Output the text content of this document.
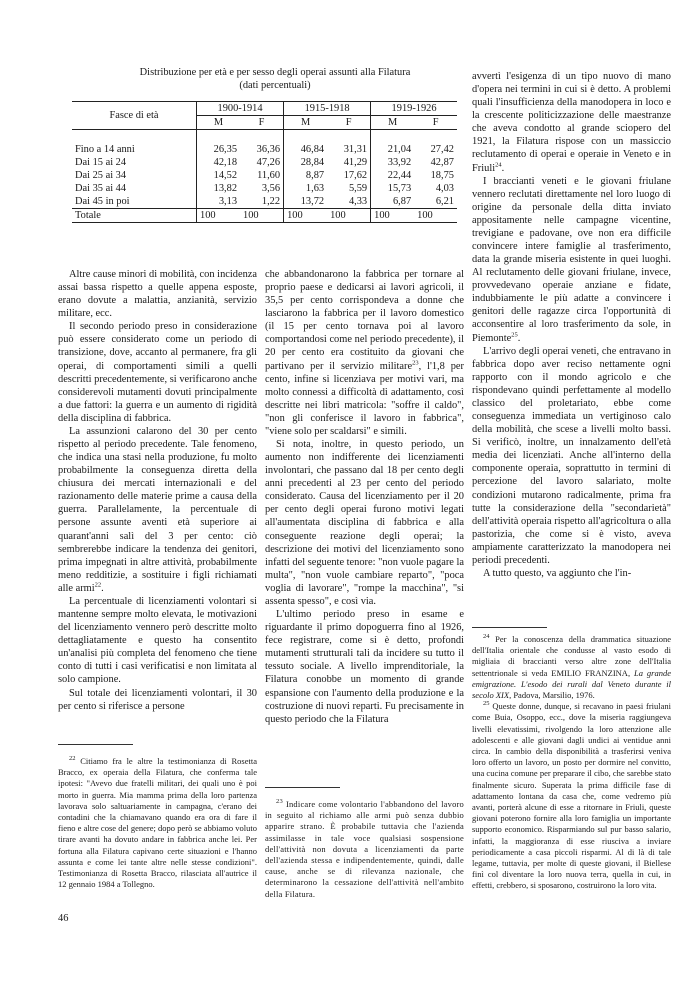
Distribuzione per età e per sesso degli operai assunti alla Filatura
(dati percentuali)
Fasce di età	1900-1914		1915-1918		1919-1926	
	M	F	M	F	M	F

Fino a 14 anni	26,35	36,36	46,84	31,31	21,04	27,42
Dai 15 ai 24	42,18	47,26	28,84	41,29	33,92	42,87
Dai 25 ai 34	14,52	11,60	8,87	17,62	22,44	18,75
Dai 35 ai 44	13,82	3,56	1,63	5,59	15,73	4,03
Dai 45 in poi	3,13	1,22	13,72	4,33	6,87	6,21
Totale	100	100	100	100	100	100

Altre cause minori di mobilità, con incidenza assai bassa rispetto a quelle appena esposte, erano dovute a malattia, anzianità, servizio militare, ecc.

Il secondo periodo preso in considerazione può essere considerato come un periodo di transizione, dove, accanto al permanere, fra gli operai, di comportamenti simili a quelli descritti precedentemente, si verificarono anche considerevoli mutamenti dovuti principalmente a due fattori: la guerra e un aumento di rigidità della disciplina di fabbrica.

La assunzioni calarono del 30 per cento rispetto al periodo precedente. Tale fenomeno, che indica una stasi nella produzione, fu molto probabilmente la conseguenza diretta della chiusura dei mercati internazionali e del razionamento delle materie prime a causa della guerra. Parallelamente, la percentuale di persone assunte aventi età superiore ai quarant'anni salì del 3 per cento: ciò sembrerebbe indicare la tendenza dei genitori, prima impegnati in altre attività, probabilmente meno redditizie, a sostituire i figli richiamati alle armi$^{22}$.

La percentuale di licenziamenti volontari si mantenne sempre molto elevata, le motivazioni del licenziamento vennero però descritte molto dettagliatamente e questo ha consentito un'analisi più completa del fenomeno che tiene conto di tutti i casi verificatisi e non limitata al solo campione.

Sul totale dei licenziamenti volontari, il 30 per cento si riferisce a persone

che abbandonarono la fabbrica per tornare al proprio paese e dedicarsi ai lavori agricoli, il 35,5 per cento corrispondeva a donne che lasciarono la fabbrica per il lavoro domestico (il 15 per cento tornava poi al lavoro comportandosi come nel periodo precedente), il 20 per cento era costituito da giovani che partivano per il servizio militare$^{23}$, l'1,8 per cento, infine si licenziava per motivi vari, ma molto connessi a difficoltà di adattamento, così descritte nei libri matricola: "soffre il caldo", "non gli conferisce il lavoro in fabbrica", "viene solo per scaldarsi" e simili.

Si nota, inoltre, in questo periodo, un aumento non indifferente dei licenziamenti involontari, che passano dal 18 per cento degli anni precedenti al 23 per cento del periodo considerato. Causa del licenziamento per il 20 per cento degli operai furono motivi legati all'aumentata disciplina di fabbrica e alla conseguente reazione degli operai; la descrizione dei motivi del licenziamento sono infatti del seguente tenore: "non vuole pagare la multa", "non vuole cambiare reparto", "poca voglia di lavorare", "rompe la macchina", "si assenta spesso", e così via.

L'ultimo periodo preso in esame e riguardante il primo dopoguerra fino al 1926, fece registrare, come si è detto, profondi mutamenti strutturali tali da incidere su tutto il tessuto sociale. A livello imprenditoriale, la Filatura conobbe un momento di grande espansione con l'aumento della produzione e la costruzione di nuovi reparti. Fu precisamente in questo periodo che la Filatura

avvertì l'esigenza di un tipo nuovo di mano d'opera nei termini in cui si è detto. A problemi quali l'insufficienza della manodopera in loco e la crescente politicizzazione delle maestranze che aveva condotto al grande sciopero del 1921, la Filatura rispose con un massiccio reclutamento di operai e operaie in Veneto e in Friuli$^{24}$.

I braccianti veneti e le giovani friulane vennero reclutati direttamente nel loro luogo di origine da personale della ditta inviato appositamente nelle campagne vicentine, trevigiane e padovane, ove non era difficile convincere intere famiglie al trasferimento, data la grande miseria esistente in quei luoghi. Al reclutamento delle giovani friulane, invece, provvedevano operaie anziane e fidate, indubbiamente le più adatte a convincere i genitori delle ragazze circa l'opportunità di acconsentire al loro trasferimento da sole, in Piemonte$^{25}$.

L'arrivo degli operai veneti, che entravano in fabbrica dopo aver reciso nettamente ogni rapporto con il mondo agricolo e che rispondevano quindi perfettamente al modello classico del proletariato, ebbe come conseguenza immediata un vertiginoso calo della mobilità, che scese a livelli molto bassi. Si verificò, inoltre, un innalzamento dell'età media dei licenziati. Anche all'interno della componente operaia, soprattutto in termini di percezione del lavoro salariato, molte condizioni mutarono radicalmente, prima fra tutte la considerazione della "secondarietà" dell'attività operaia rispetto all'agricoltura o alla pastorizia, che come si è visto, aveva ampiamente caratterizzato la manodopera nei periodi precedenti.

A tutto questo, va aggiunto che l'in-

$^{22}$ Citiamo fra le altre la testimonianza di Rosetta Bracco, ex operaia della Filatura, che conferma tale ipotesi: "Avevo due fratelli militari, dei quali uno è poi morto in guerra. Mia mamma prima della loro partenza lavorava solo saltuariamente in campagna, c'erano dei contadini che la chiamavano quando era ora di fare il fieno e altre cose del genere; dopo però se abbiamo voluto tirare avanti ha dovuto andare in fabbrica anche lei. Per fortuna alla Filatura capivano certe situazioni e l'hanno assunta e come lei tante altre nelle stesse condizioni". Testimonianza di Rosetta Bracco, rilasciata all'autrice il 12 gennaio 1984 a Tollegno.

$^{23}$ Indicare come volontario l'abbandono del lavoro in seguito al richiamo alle armi può senza dubbio apparire strano. È probabile tuttavia che l'azienda assimilasse in tale voce qualsiasi sospensione dell'attività non dovuta a licenziamenti da parte dell'azienda stessa e indipendentemente, quindi, dalle cause, anche se di rilevanza nazionale, che determinarono la cessazione dell'attività nell'ambito della Filatura.

$^{24}$ Per la conoscenza della drammatica situazione dell'Italia orientale che condusse al vasto esodo di migliaia di braccianti verso altre zone dell'Italia settentrionale si veda EMILIO FRANZINA, La grande emigrazione. L'esodo dei rurali dal Veneto durante il secolo XIX, Padova, Marsilio, 1976.

$^{25}$ Queste donne, dunque, si recavano in paesi friulani come Buia, Osoppo, ecc., dove la miseria raggiungeva livelli elevatissimi, rivolgendo la loro attenzione alle adolescenti e alle giovani dagli undici ai ventidue anni circa. In cambio della disponibilità a trasferirsi veniva loro offerto un lavoro, un posto per dormire nel convitto, una cucina comune per preparare il cibo, che sarebbe stato finalmente sicuro. Superata la prima difficile fase di adattamento lontana da casa che, come vedremo più avanti, porterà alcune di esse a ritornare in Friuli, queste giovani poterono fornire alla loro famiglia un importante supporto economico. Risparmiando sul pur basso salario, infatti, la maggioranza di esse riusciva a inviare periodicamente a casa piccoli risparmi. Al di là di tale legame, tuttavia, per molte di queste giovani, il Biellese finì col diventare la loro nuova terra, quella in cui, in effetti, crebbero, si sposarono, costruirono la loro vita.

46
